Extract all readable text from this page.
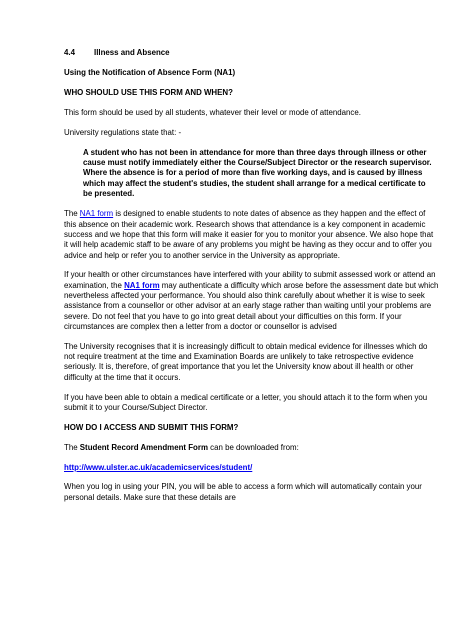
4.4 Illness and Absence

Using the Notification of Absence Form (NA1)

WHO SHOULD USE THIS FORM AND WHEN?

This form should be used by all students, whatever their level or mode of attendance.

University regulations state that: -

A student who has not been in attendance for more than three days through illness or other cause must notify immediately either the Course/Subject Director or the research supervisor. Where the absence is for a period of more than five working days, and is caused by illness which may affect the student's studies, the student shall arrange for a medical certificate to be presented.

The NA1 form is designed to enable students to note dates of absence as they happen and the effect of this absence on their academic work. Research shows that attendance is a key component in academic success and we hope that this form will make it easier for you to monitor your absence. We also hope that it will help academic staff to be aware of any problems you might be having as they occur and to offer you advice and help or refer you to another service in the University as appropriate.

If your health or other circumstances have interfered with your ability to submit assessed work or attend an examination, the NA1 form may authenticate a difficulty which arose before the assessment date but which nevertheless affected your performance. You should also think carefully about whether it is wise to seek assistance from a counsellor or other advisor at an early stage rather than waiting until your problems are severe. Do not feel that you have to go into great detail about your difficulties on this form. If your circumstances are complex then a letter from a doctor or counsellor is advised

The University recognises that it is increasingly difficult to obtain medical evidence for illnesses which do not require treatment at the time and Examination Boards are unlikely to take retrospective evidence seriously. It is, therefore, of great importance that you let the University know about ill health or other difficulty at the time that it occurs.

If you have been able to obtain a medical certificate or a letter, you should attach it to the form when you submit it to your Course/Subject Director.

HOW DO I ACCESS AND SUBMIT THIS FORM?

The Student Record Amendment Form can be downloaded from:

http://www.ulster.ac.uk/academicservices/student/

When you log in using your PIN, you will be able to access a form which will automatically contain your personal details. Make sure that these details are
